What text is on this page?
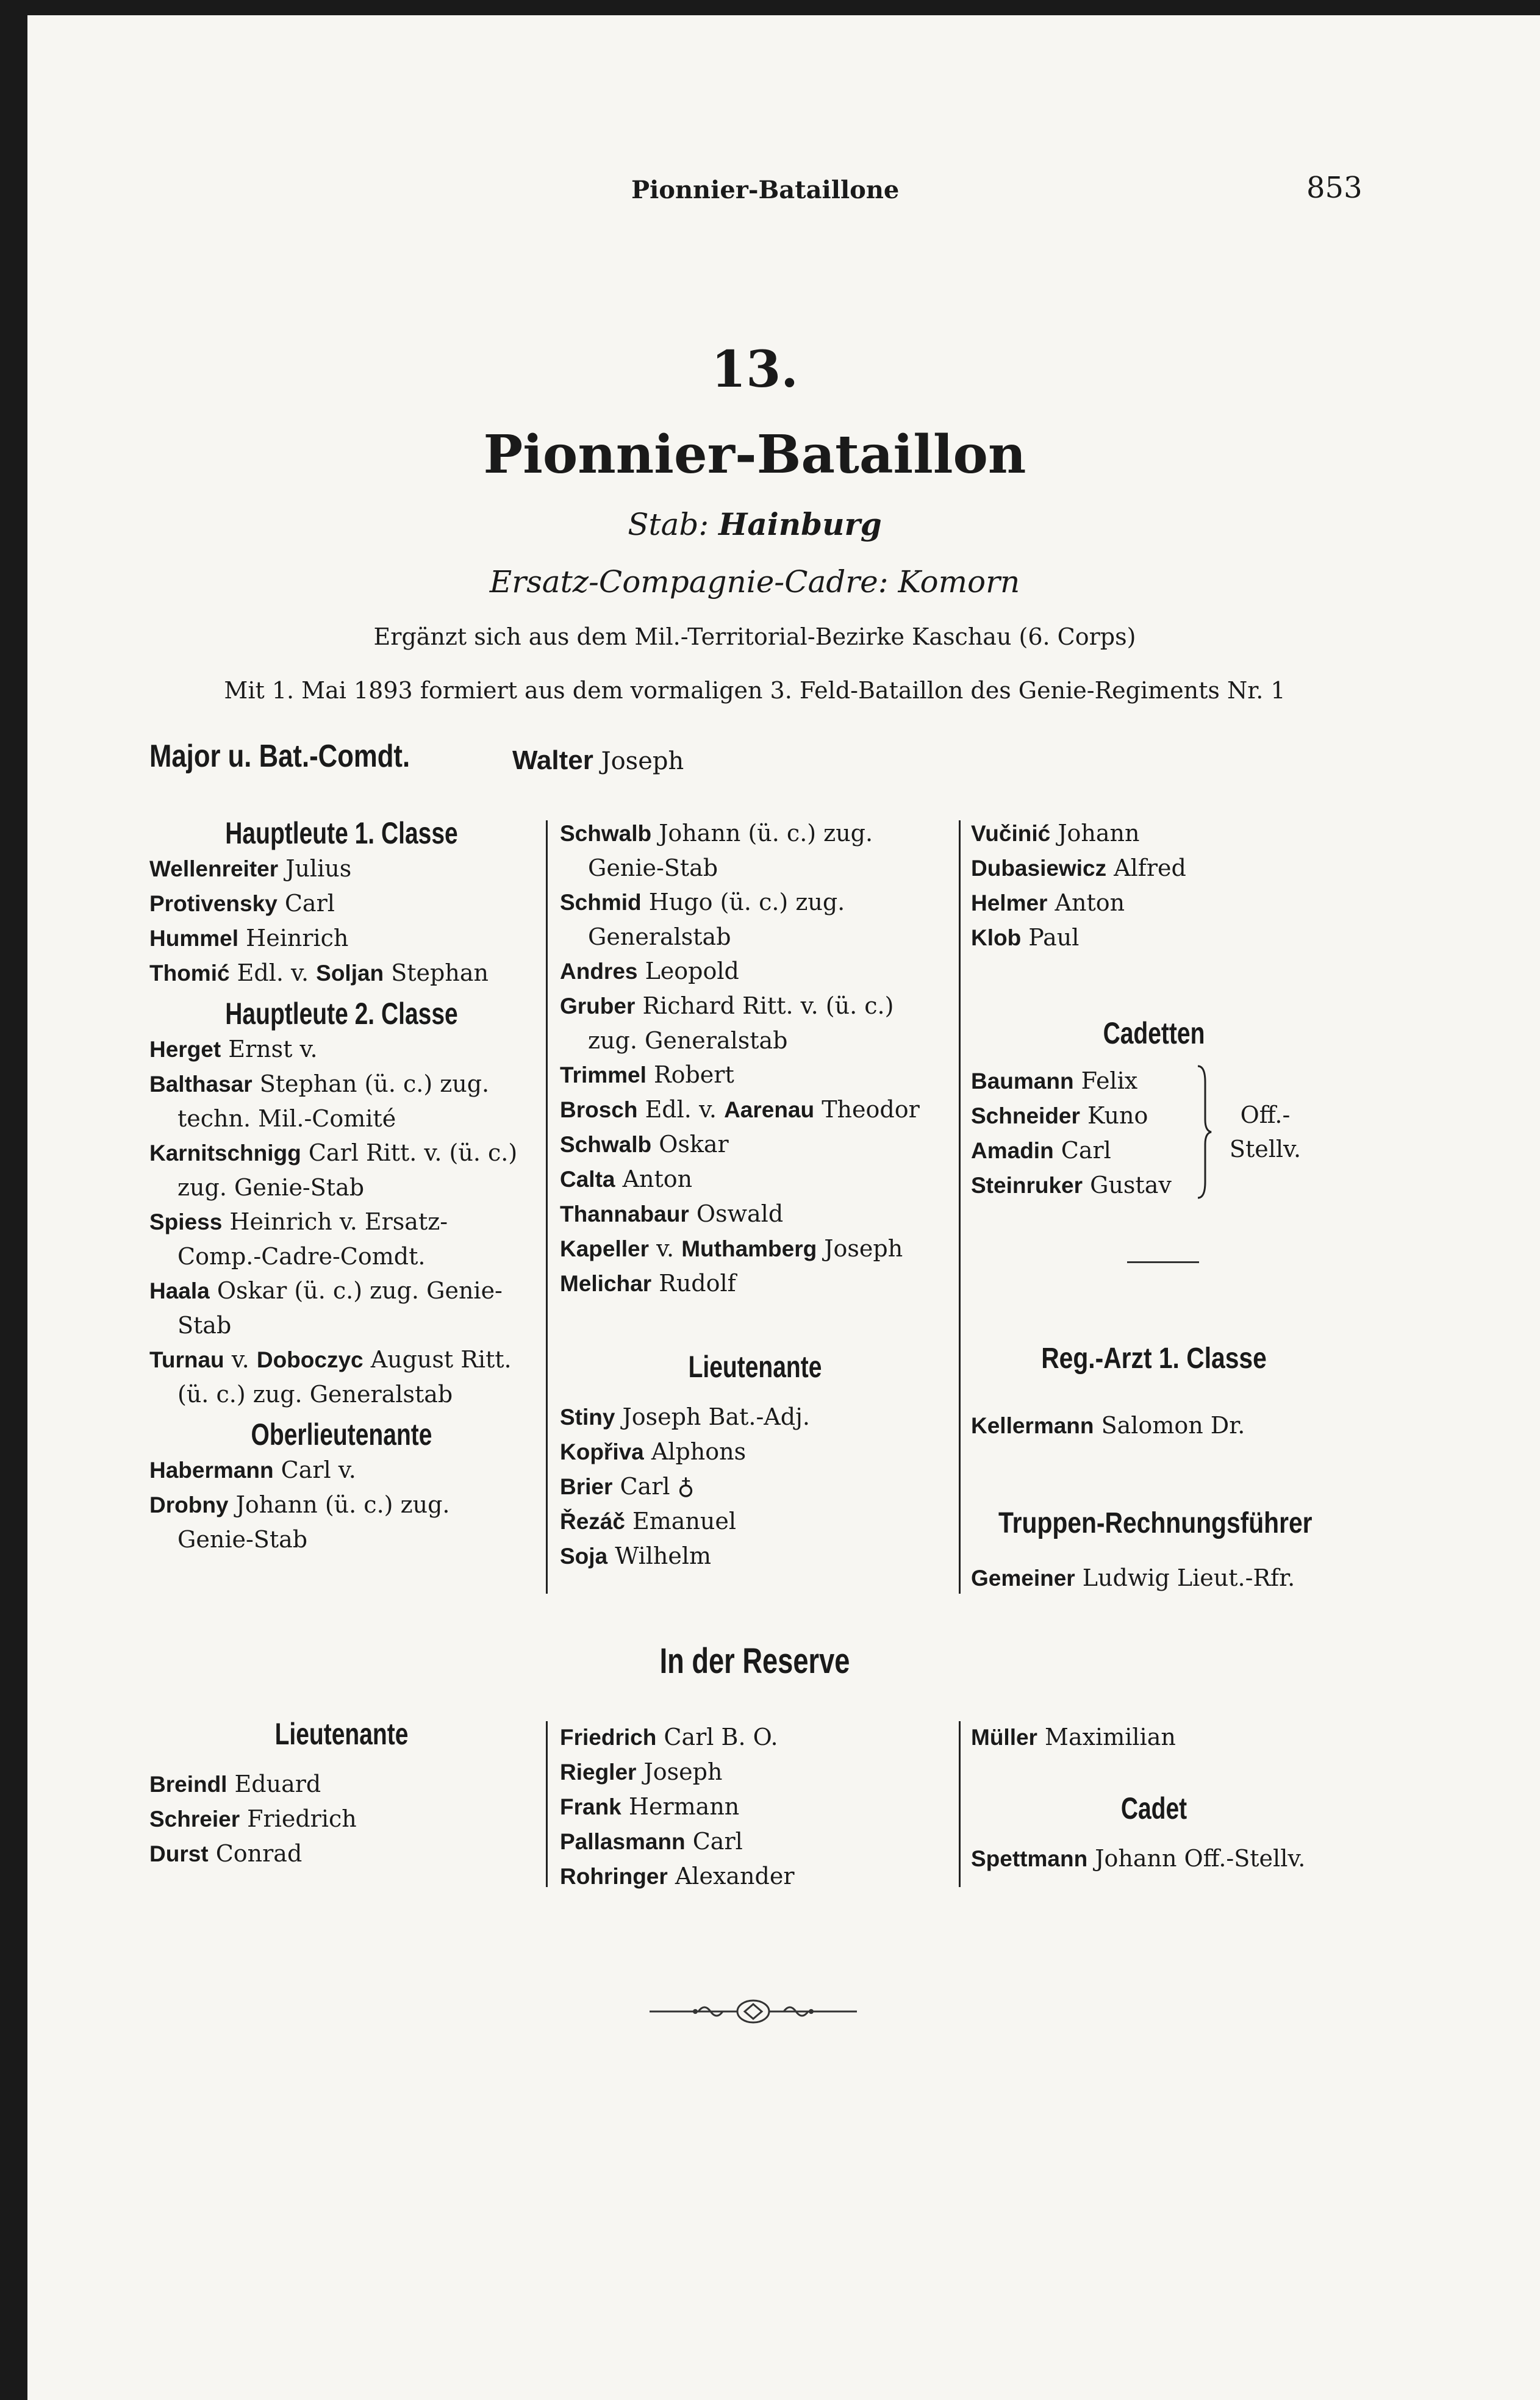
Pionnier-Bataillone	853
13.
Pionnier-Bataillon
Stab: Hainburg
Ersatz-Compagnie-Cadre: Komorn
Ergänzt sich aus dem Mil.-Territorial-Bezirke Kaschau (6. Corps)
Mit 1. Mai 1893 formiert aus dem vormaligen 3. Feld-Bataillon des Genie-Regiments Nr. 1
Major u. Bat.-Comdt.	Walter Joseph
Hauptleute 1. Classe
Wellenreiter Julius
Protivensky Carl
Hummel Heinrich
Thomić Edl. v. Soljan Stephan
Hauptleute 2. Classe
Herget Ernst v.
Balthasar Stephan (ü. c.) zug.
techn. Mil.-Comité
Karnitschnigg Carl Ritt. v. (ü. c.)
zug. Genie-Stab
Spiess Heinrich v. Ersatz-
Comp.-Cadre-Comdt.
Haala Oskar (ü. c.) zug. Genie-
Stab
Turnau v. Doboczyc August Ritt.
(ü. c.) zug. Generalstab
Oberlieutenante
Habermann Carl v.
Drobny Johann (ü. c.) zug.
Genie-Stab
Schwalb Johann (ü. c.) zug.
Genie-Stab
Schmid Hugo (ü. c.) zug.
Generalstab
Andres Leopold
Gruber Richard Ritt. v. (ü. c.)
zug. Generalstab
Trimmel Robert
Brosch Edl. v. Aarenau Theodor
Schwalb Oskar
Calta Anton
Thannabaur Oswald
Kapeller v. Muthamberg Joseph
Melichar Rudolf
Lieutenante
Stiny Joseph Bat.-Adj.
Kopřiva Alphons
Brier Carl ♁
Řezáč Emanuel
Soja Wilhelm
Vučinić Johann
Dubasiewicz Alfred
Helmer Anton
Klob Paul
Cadetten
Baumann Felix
Schneider Kuno
Amadin Carl
Steinruker Gustav
Off.-
Stellv.
Reg.-Arzt 1. Classe
Kellermann Salomon Dr.
Truppen-Rechnungsführer
Gemeiner Ludwig Lieut.-Rfr.
In der Reserve
Lieutenante
Breindl Eduard
Schreier Friedrich
Durst Conrad
Friedrich Carl B. O.
Riegler Joseph
Frank Hermann
Pallasmann Carl
Rohringer Alexander
Müller Maximilian
Cadet
Spettmann Johann Off.-Stellv.
